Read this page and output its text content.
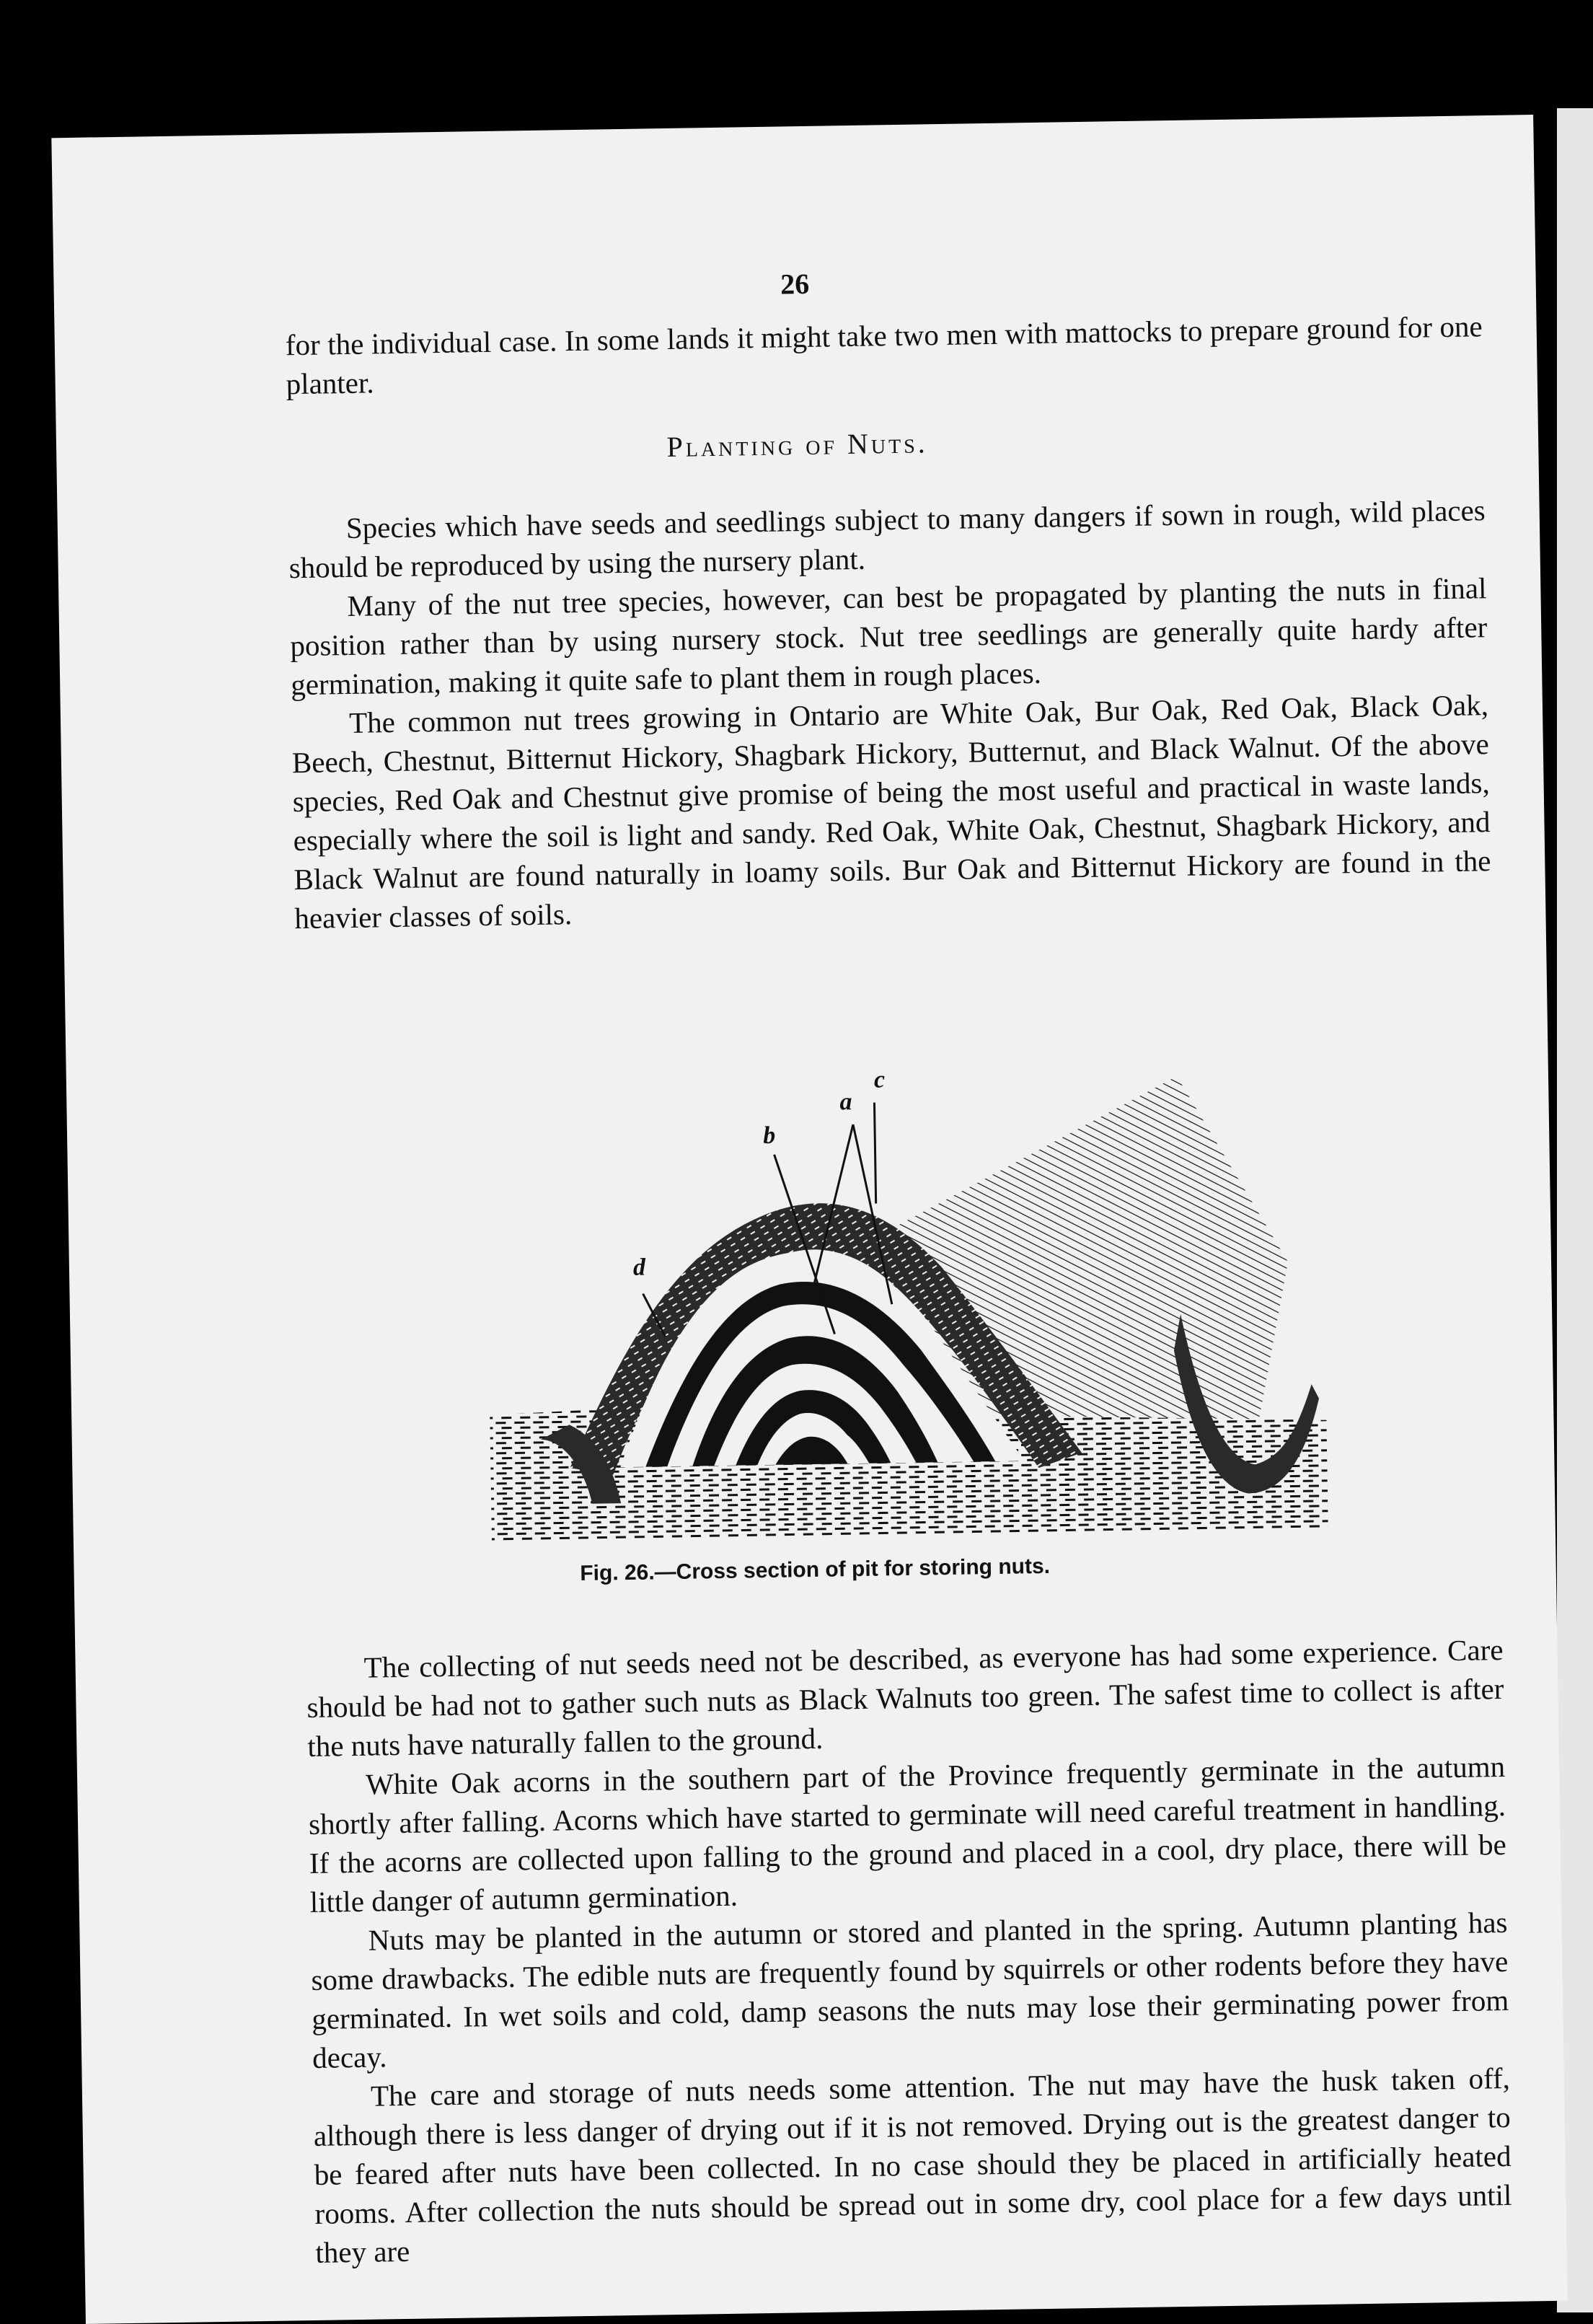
26

for the individual case. In some lands it might take two men with mattocks to prepare ground for one planter.

Planting of Nuts.

Species which have seeds and seedlings subject to many dangers if sown in rough, wild places should be reproduced by using the nursery plant.

Many of the nut tree species, however, can best be propagated by planting the nuts in final position rather than by using nursery stock. Nut tree seedlings are generally quite hardy after germination, making it quite safe to plant them in rough places.

The common nut trees growing in Ontario are White Oak, Bur Oak, Red Oak, Black Oak, Beech, Chestnut, Bitternut Hickory, Shagbark Hickory, Butternut, and Black Walnut. Of the above species, Red Oak and Chestnut give promise of being the most useful and practical in waste lands, especially where the soil is light and sandy. Red Oak, White Oak, Chestnut, Shagbark Hickory, and Black Walnut are found naturally in loamy soils. Bur Oak and Bitternut Hickory are found in the heavier classes of soils.

b
a
c
d
Fig. 26.—Cross section of pit for storing nuts.

The collecting of nut seeds need not be described, as everyone has had some experience. Care should be had not to gather such nuts as Black Walnuts too green. The safest time to collect is after the nuts have naturally fallen to the ground.

White Oak acorns in the southern part of the Province frequently germinate in the autumn shortly after falling. Acorns which have started to germinate will need careful treatment in handling. If the acorns are collected upon falling to the ground and placed in a cool, dry place, there will be little danger of autumn germination.

Nuts may be planted in the autumn or stored and planted in the spring. Autumn planting has some drawbacks. The edible nuts are frequently found by squirrels or other rodents before they have germinated. In wet soils and cold, damp seasons the nuts may lose their germinating power from decay.

The care and storage of nuts needs some attention. The nut may have the husk taken off, although there is less danger of drying out if it is not removed. Drying out is the greatest danger to be feared after nuts have been collected. In no case should they be placed in artificially heated rooms. After collection the nuts should be spread out in some dry, cool place for a few days until they are
